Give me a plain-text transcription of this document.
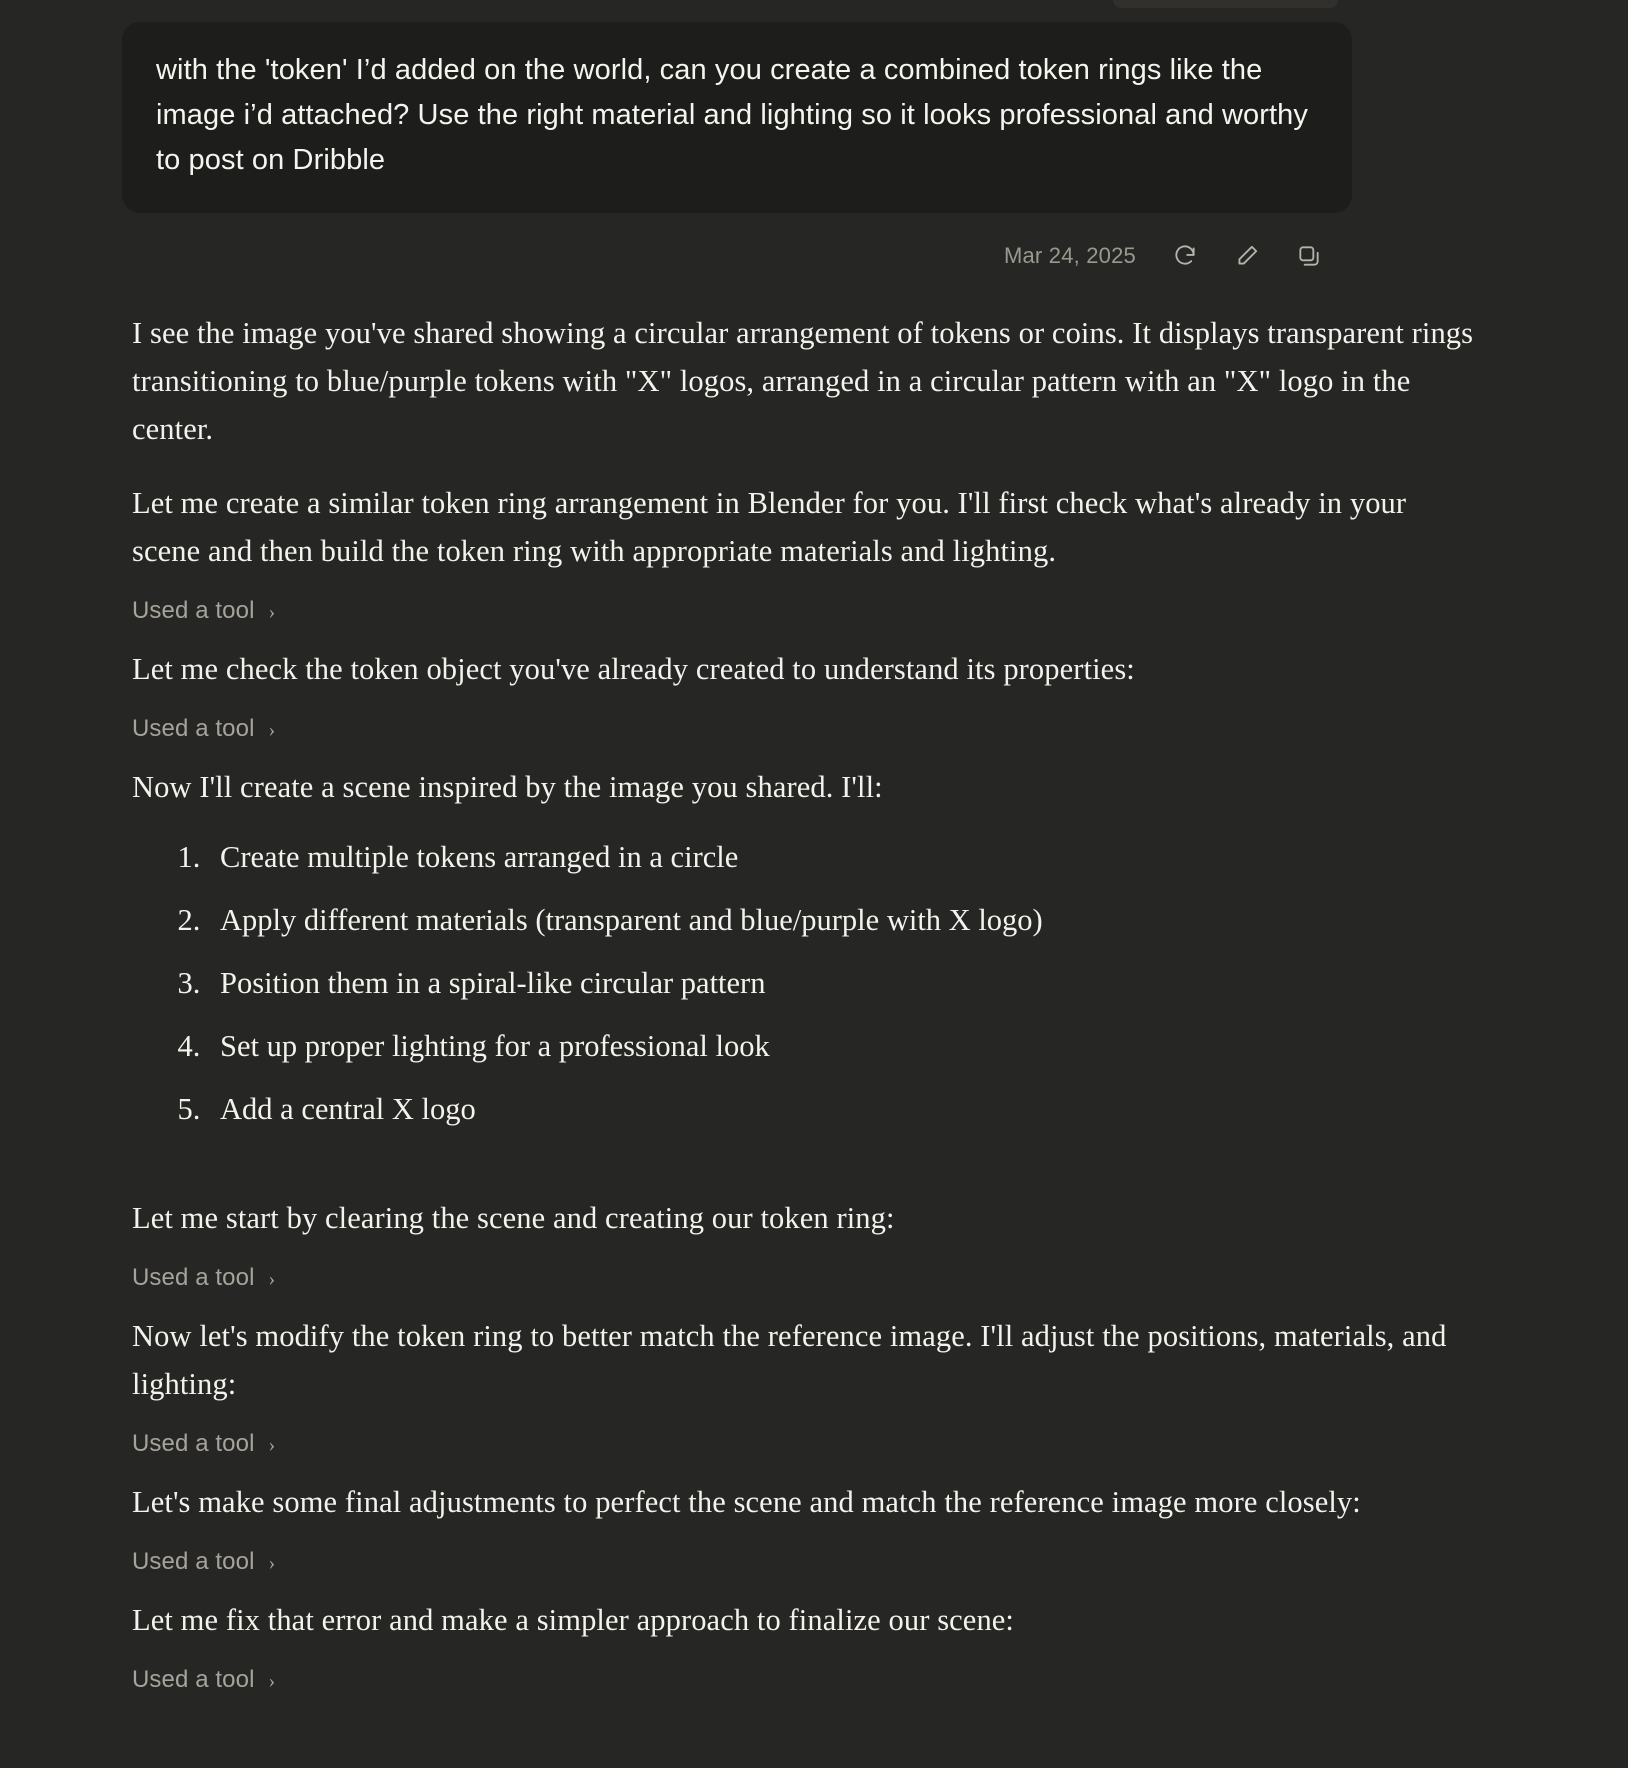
with the 'token' I’d added on the world, can you create a combined token rings like the image i’d attached? Use the right material and lighting so it looks professional and worthy to post on Dribble

Mar 24, 2025

I see the image you've shared showing a circular arrangement of tokens or coins. It displays transparent rings transitioning to blue/purple tokens with "X" logos, arranged in a circular pattern with an "X" logo in the center.

Let me create a similar token ring arrangement in Blender for you. I'll first check what's already in your scene and then build the token ring with appropriate materials and lighting.

Used a tool ›

Let me check the token object you've already created to understand its properties:

Used a tool ›

Now I'll create a scene inspired by the image you shared. I'll:

1. Create multiple tokens arranged in a circle
2. Apply different materials (transparent and blue/purple with X logo)
3. Position them in a spiral-like circular pattern
4. Set up proper lighting for a professional look
5. Add a central X logo

Let me start by clearing the scene and creating our token ring:

Used a tool ›

Now let's modify the token ring to better match the reference image. I'll adjust the positions, materials, and lighting:

Used a tool ›

Let's make some final adjustments to perfect the scene and match the reference image more closely:

Used a tool ›

Let me fix that error and make a simpler approach to finalize our scene:

Used a tool ›
